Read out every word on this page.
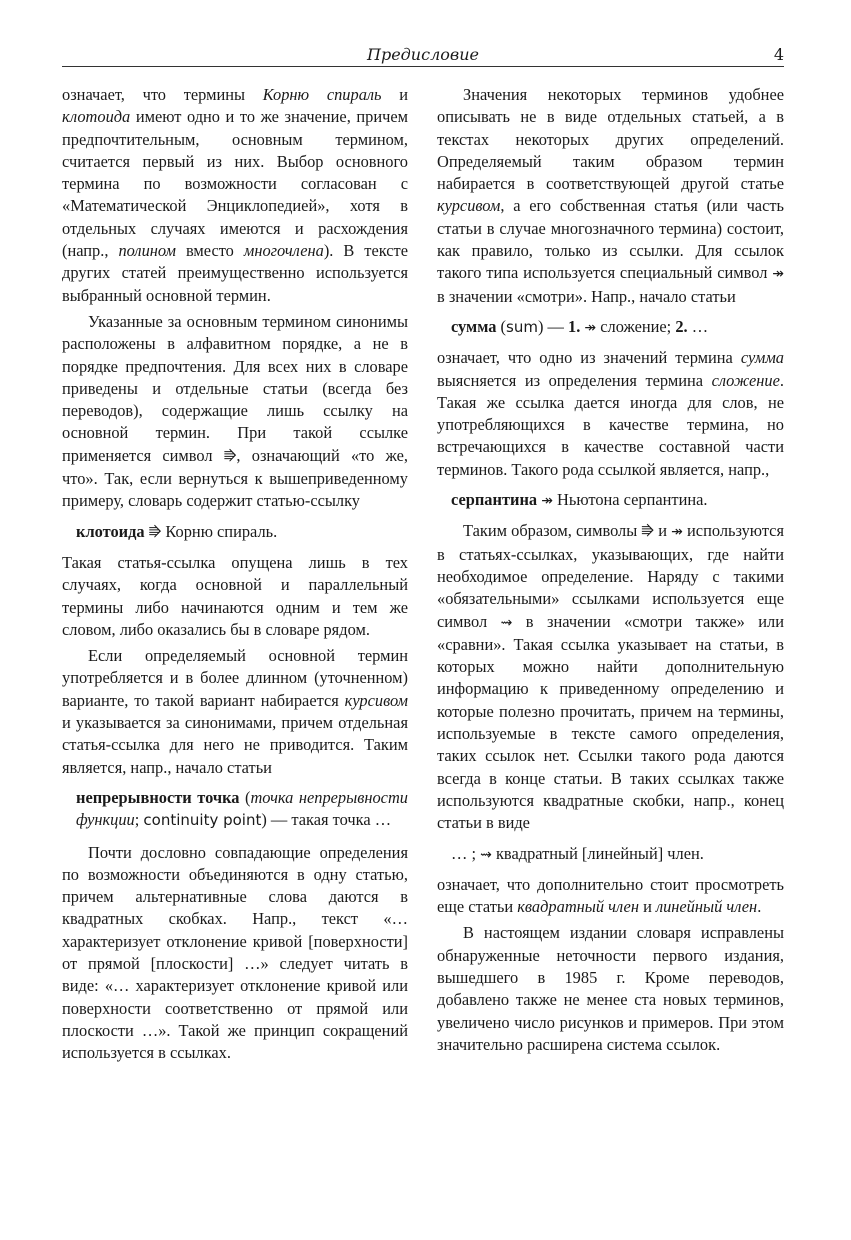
Предисловие	4

означает, что термины Корню спираль и клотоида имеют одно и то же значение, причем предпочтительным, основным термином, считается первый из них. Выбор основного термина по возможности согласован с «Математической Энциклопедией», хотя в отдельных случаях имеются и расхождения (напр., полином вместо многочлена). В тексте других статей преимущественно используется выбранный основной термин.

Указанные за основным термином синонимы расположены в алфавитном порядке, а не в порядке предпочтения. Для всех них в словаре приведены и отдельные статьи (всегда без переводов), содержащие лишь ссылку на основной термин. При такой ссылке применяется символ ⭆, означающий «то же, что». Так, если вернуться к вышеприведенному примеру, словарь содержит статью-ссылку

клотоида ⭆ Корню спираль.

Такая статья-ссылка опущена лишь в тех случаях, когда основной и параллельный термины либо начинаются одним и тем же словом, либо оказались бы в словаре рядом.

Если определяемый основной термин употребляется и в более длинном (уточненном) варианте, то такой вариант набирается курсивом и указывается за синонимами, причем отдельная статья-ссылка для него не приводится. Таким является, напр., начало статьи

непрерывности точка (точка непрерывности функции; continuity point) — такая точка …

Почти дословно совпадающие определения по возможности объединяются в одну статью, причем альтернативные слова даются в квадратных скобках. Напр., текст «… характеризует отклонение кривой [поверхности] от прямой [плоскости] …» следует читать в виде: «… характеризует отклонение кривой или поверхности соответственно от прямой или плоскости …». Такой же принцип сокращений используется в ссылках.

Значения некоторых терминов удобнее описывать не в виде отдельных статьей, а в текстах некоторых других определений. Определяемый таким образом термин набирается в соответствующей другой статье курсивом, а его собственная статья (или часть статьи в случае многозначного термина) состоит, как правило, только из ссылки. Для ссылок такого типа используется специальный символ ↠ в значении «смотри». Напр., начало статьи

сумма (sum) — 1. ↠ сложение; 2. …

означает, что одно из значений термина сумма выясняется из определения термина сложение. Такая же ссылка дается иногда для слов, не употребляющихся в качестве термина, но встречающихся в качестве составной части терминов. Такого рода ссылкой является, напр.,

серпантина ↠ Ньютона серпантина.

Таким образом, символы ⭆ и ↠ используются в статьях-ссылках, указывающих, где найти необходимое определение. Наряду с такими «обязательными» ссылками используется еще символ ⇝ в значении «смотри также» или «сравни». Такая ссылка указывает на статьи, в которых можно найти дополнительную информацию к приведенному определению и которые полезно прочитать, причем на термины, используемые в тексте самого определения, таких ссылок нет. Ссылки такого рода даются всегда в конце статьи. В таких ссылках также используются квадратные скобки, напр., конец статьи в виде

… ; ⇝ квадратный [линейный] член.

означает, что дополнительно стоит просмотреть еще статьи квадратный член и линейный член.

В настоящем издании словаря исправлены обнаруженные неточности первого издания, вышедшего в 1985 г. Кроме переводов, добавлено также не менее ста новых терминов, увеличено число рисунков и примеров. При этом значительно расширена система ссылок.
